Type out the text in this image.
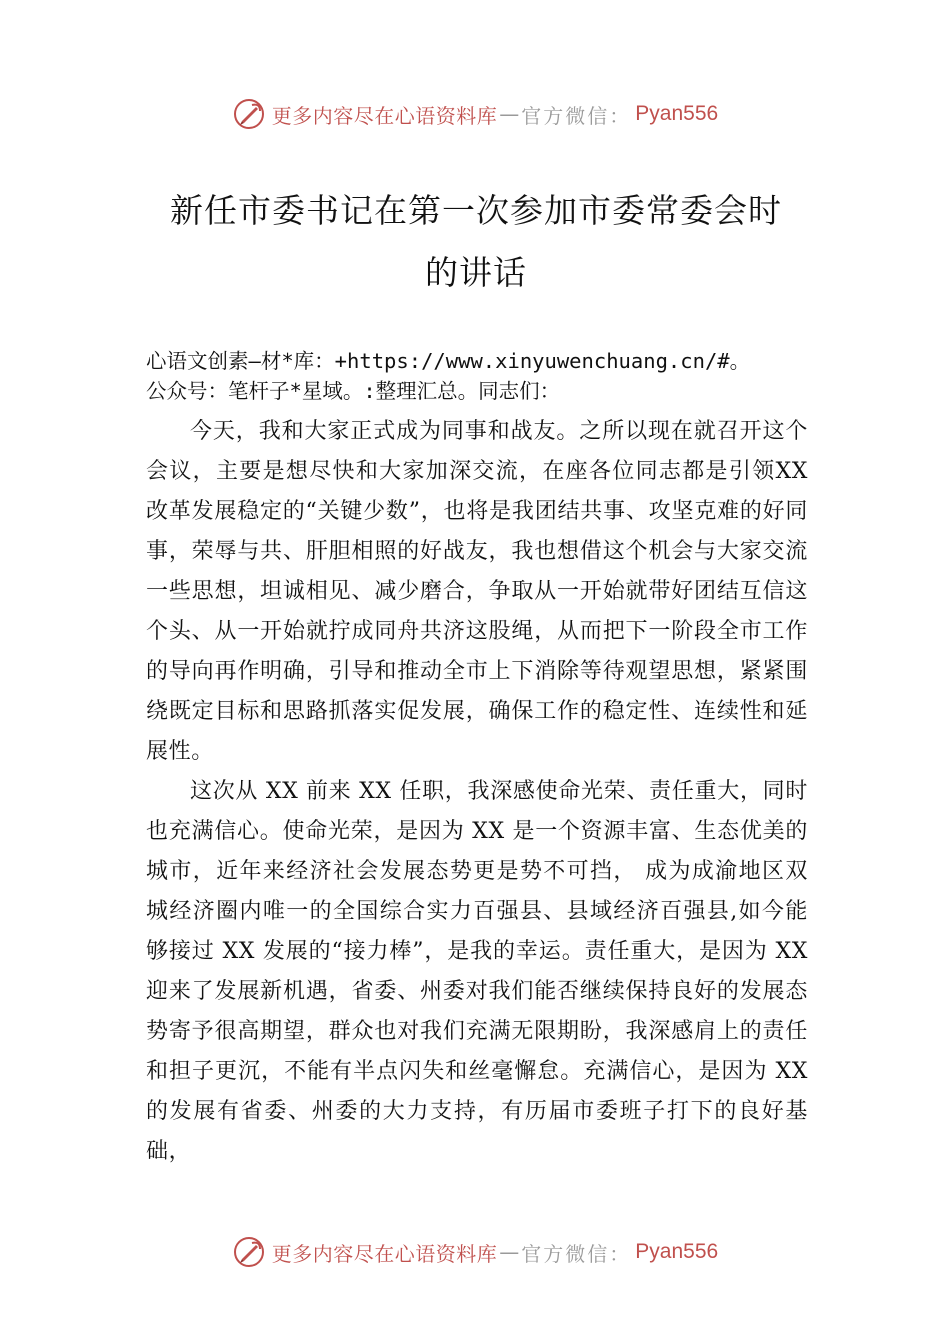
更多内容尽在心语资料库 — 官方微信： Pyan556
新任市委书记在第一次参加市委常委会时
的讲话
心语文创素—材*库：+https://www.xinyuwenchuang.cn/#。
公众号：笔杆子*星域。:整理汇总。同志们：

今天，我和大家正式成为同事和战友。之所以现在就召开这个会议，主要是想尽快和大家加深交流，在座各位同志都是引领XX改革发展稳定的“关键少数”，也将是我团结共事、攻坚克难的好同事，荣辱与共、肝胆相照的好战友，我也想借这个机会与大家交流一些思想，坦诚相见、减少磨合，争取从一开始就带好团结互信这个头、从一开始就拧成同舟共济这股绳，从而把下一阶段全市工作的导向再作明确，引导和推动全市上下消除等待观望思想，紧紧围绕既定目标和思路抓落实促发展，确保工作的稳定性、连续性和延展性。

这次从 XX 前来 XX 任职，我深感使命光荣、责任重大，同时也充满信心。使命光荣，是因为 XX 是一个资源丰富、生态优美的城市，近年来经济社会发展态势更是势不可挡， 成为成渝地区双城经济圈内唯一的全国综合实力百强县、县域经济百强县,如今能够接过 XX 发展的“接力棒”，是我的幸运。责任重大，是因为 XX 迎来了发展新机遇，省委、州委对我们能否继续保持良好的发展态势寄予很高期望，群众也对我们充满无限期盼，我深感肩上的责任和担子更沉，不能有半点闪失和丝毫懈怠。充满信心，是因为 XX 的发展有省委、州委的大力支持，有历届市委班子打下的良好基础，

更多内容尽在心语资料库 — 官方微信： Pyan556
